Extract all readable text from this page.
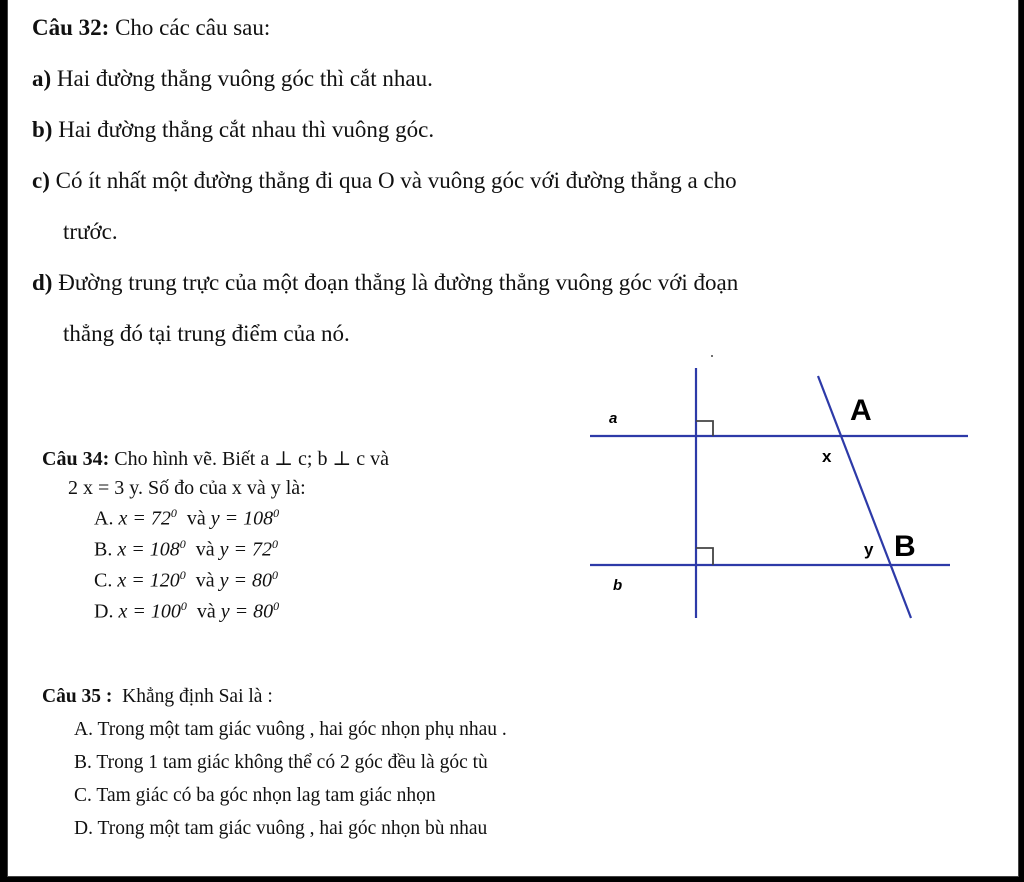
Câu 32: Cho các câu sau:
a) Hai đường thẳng vuông góc thì cắt nhau.
b) Hai đường thẳng cắt nhau thì vuông góc.
c) Có ít nhất một đường thẳng đi qua O và vuông góc với đường thẳng a cho
trước.
d) Đường trung trực của một đoạn thẳng là đường thẳng vuông góc với đoạn
thẳng đó tại trung điểm của nó.
Câu 34: Cho hình vẽ. Biết a ⊥ c; b ⊥ c và
2 x = 3 y. Số đo của x và y là:
A. $x = 72^0$ và $y = 108^0$
B. $x = 108^0$ và $y = 72^0$
C. $x = 120^0$ và $y = 80^0$
D. $x = 100^0$ và $y = 80^0$
a
b
A
B
x
y
Câu 35 : Khẳng định Sai là :
A. Trong một tam giác vuông , hai góc nhọn phụ nhau .
B. Trong 1 tam giác không thể có 2 góc đều là góc tù
C. Tam giác có ba góc nhọn lag tam giác nhọn
D. Trong một tam giác vuông , hai góc nhọn bù nhau
